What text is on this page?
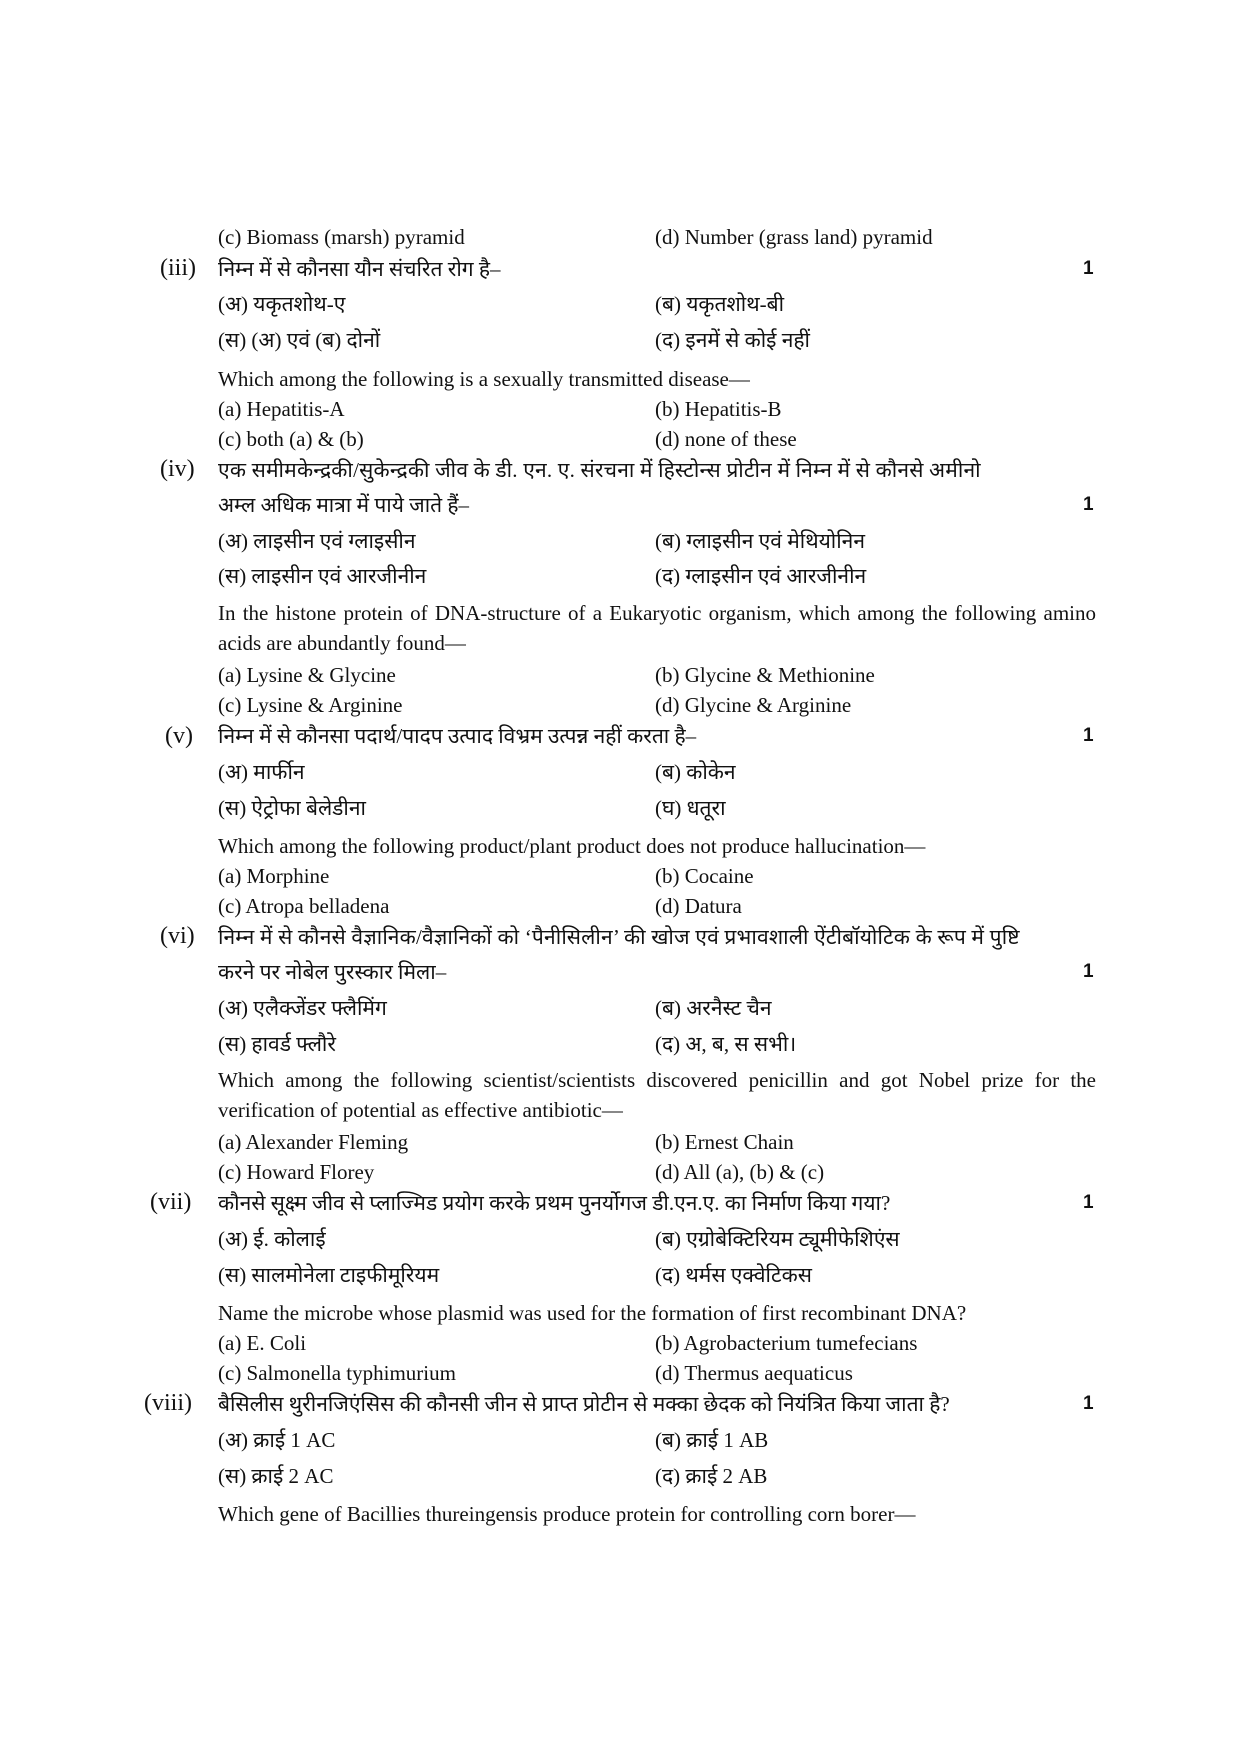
(c) Biomass (marsh) pyramid	(d) Number (grass land) pyramid
(iii) निम्न में से कौनसा यौन संचरित रोग है–	1
(अ) यकृतशोथ-ए	(ब) यकृतशोथ-बी
(स) (अ) एवं (ब) दोनों	(द) इनमें से कोई नहीं
Which among the following is a sexually transmitted disease—
(a) Hepatitis-A	(b) Hepatitis-B
(c) both (a) & (b)	(d) none of these
(iv) एक समीमकेन्द्रकी/सुकेन्द्रकी जीव के डी. एन. ए. संरचना में हिस्टोन्स प्रोटीन में निम्न में से कौनसे अमीनो
अम्ल अधिक मात्रा में पाये जाते हैं–	1
(अ) लाइसीन एवं ग्लाइसीन	(ब) ग्लाइसीन एवं मेथियोनिन
(स) लाइसीन एवं आरजीनीन	(द) ग्लाइसीन एवं आरजीनीन
In the histone protein of DNA-structure of a Eukaryotic organism, which among the following amino acids are abundantly found—
(a) Lysine & Glycine	(b) Glycine & Methionine
(c) Lysine & Arginine	(d) Glycine & Arginine
(v) निम्न में से कौनसा पदार्थ/पादप उत्पाद विभ्रम उत्पन्न नहीं करता है–	1
(अ) मार्फीन	(ब) कोकेन
(स) ऐट्रोफा बेलेडीना	(घ) धतूरा
Which among the following product/plant product does not produce hallucination—
(a) Morphine	(b) Cocaine
(c) Atropa belladena	(d) Datura
(vi) निम्न में से कौनसे वैज्ञानिक/वैज्ञानिकों को ‘पैनीसिलीन’ की खोज एवं प्रभावशाली ऐंटीबॉयोटिक के रूप में पुष्टि
करने पर नोबेल पुरस्कार मिला–	1
(अ) एलैक्जेंडर फ्लैमिंग	(ब) अरनैस्ट चैन
(स) हावर्ड फ्लौरे	(द) अ, ब, स सभी।
Which among the following scientist/scientists discovered penicillin and got Nobel prize for the verification of potential as effective antibiotic—
(a) Alexander Fleming	(b) Ernest Chain
(c) Howard Florey	(d) All (a), (b) & (c)
(vii) कौनसे सूक्ष्म जीव से प्लाज्मिड प्रयोग करके प्रथम पुनर्योगज डी.एन.ए. का निर्माण किया गया?	1
(अ) ई. कोलाई	(ब) एग्रोबेक्टिरियम ट्यूमीफेशिएंस
(स) सालमोनेला टाइफीमूरियम	(द) थर्मस एक्वेटिकस
Name the microbe whose plasmid was used for the formation of first recombinant DNA?
(a) E. Coli	(b) Agrobacterium tumefecians
(c) Salmonella typhimurium	(d) Thermus aequaticus
(viii) बैसिलीस थुरीनजिएंसिस की कौनसी जीन से प्राप्त प्रोटीन से मक्का छेदक को नियंत्रित किया जाता है?	1
(अ) क्राई 1 AC	(ब) क्राई 1 AB
(स) क्राई 2 AC	(द) क्राई 2 AB
Which gene of Bacillies thureingensis produce protein for controlling corn borer—
